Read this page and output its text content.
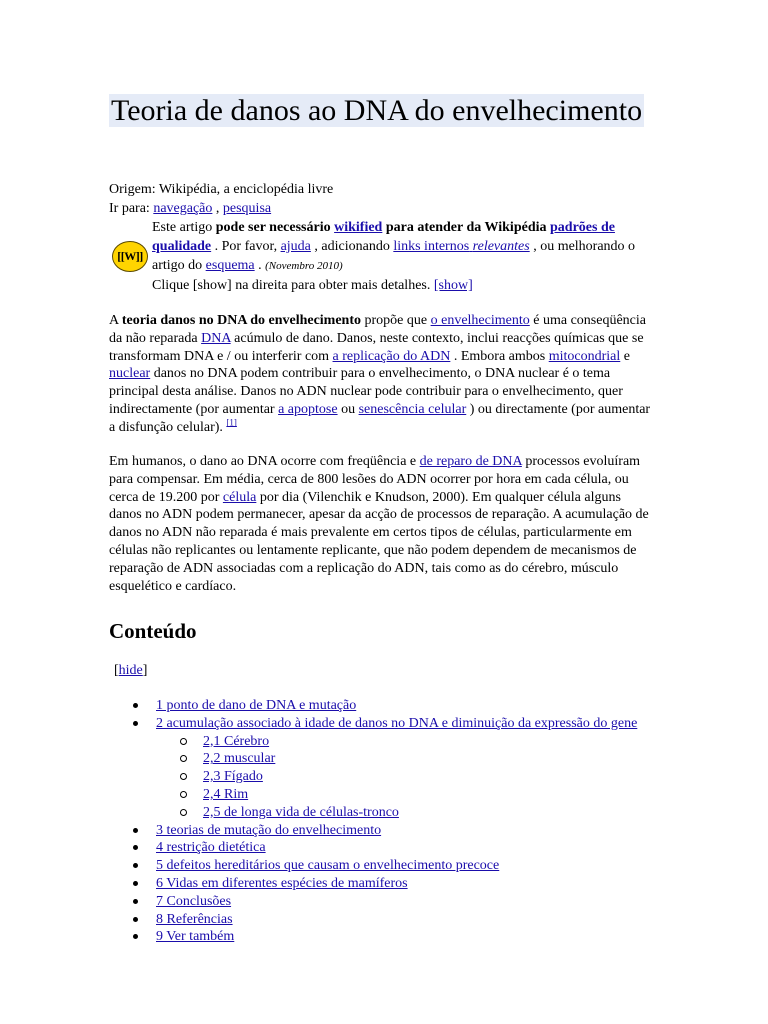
Teoria de danos ao DNA do envelhecimento
Origem: Wikipédia, a enciclopédia livre
Ir para: navegação , pesquisa
[[W]]
Este artigo pode ser necessário wikified para atender da Wikipédia padrões de qualidade . Por favor, ajuda , adicionando links internos relevantes , ou melhorando o artigo do esquema . (Novembro 2010)
Clique [show] na direita para obter mais detalhes. [show]

A teoria danos no DNA do envelhecimento propõe que o envelhecimento é uma conseqüência da não reparada DNA acúmulo de dano. Danos, neste contexto, inclui reacções químicas que se transformam DNA e / ou interferir com a replicação do ADN . Embora ambos mitocondrial e nuclear danos no DNA podem contribuir para o envelhecimento, o DNA nuclear é o tema principal desta análise. Danos no ADN nuclear pode contribuir para o envelhecimento, quer indirectamente (por aumentar a apoptose ou senescência celular ) ou directamente (por aumentar a disfunção celular). [1]

Em humanos, o dano ao DNA ocorre com freqüência e de reparo de DNA processos evoluíram para compensar. Em média, cerca de 800 lesões do ADN ocorrer por hora em cada célula, ou cerca de 19.200 por célula por dia (Vilenchik e Knudson, 2000). Em qualquer célula alguns danos no ADN podem permanecer, apesar da acção de processos de reparação. A acumulação de danos no ADN não reparada é mais prevalente em certos tipos de células, particularmente em células não replicantes ou lentamente replicante, que não podem dependem de mecanismos de reparação de ADN associadas com a replicação do ADN, tais como as do cérebro, músculo esquelético e cardíaco.

Conteúdo
[hide]
1 ponto de dano de DNA e mutação
2 acumulação associado à idade de danos no DNA e diminuição da expressão do gene
2,1 Cérebro
2,2 muscular
2,3 Fígado
2,4 Rim
2,5 de longa vida de células-tronco
3 teorias de mutação do envelhecimento
4 restrição dietética
5 defeitos hereditários que causam o envelhecimento precoce
6 Vidas em diferentes espécies de mamíferos
7 Conclusões
8 Referências
9 Ver também
